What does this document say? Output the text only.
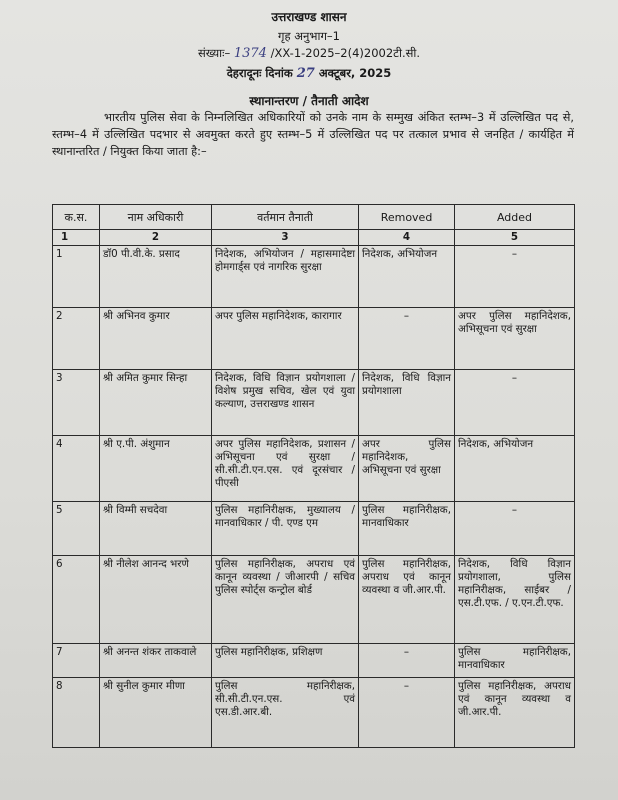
उत्तराखण्ड शासन
गृह अनुभाग–1
संख्याः– 1374 /XX-1-2025–2(4)2002टी.सी.
देहरादूनः दिनांक 27 अक्टूबर, 2025
स्थानान्तरण / तैनाती आदेश
भारतीय पुलिस सेवा के निम्नलिखित अधिकारियों को उनके नाम के सम्मुख अंकित स्तम्भ–3 में उल्लिखित पद से, स्तम्भ–4 में उल्लिखित पदभार से अवमुक्त करते हुए स्तम्भ–5 में उल्लिखित पद पर तत्काल प्रभाव से जनहित / कार्यहित में स्थानान्तरित / नियुक्त किया जाता है:–
क.स.	नाम अधिकारी	वर्तमान तैनाती	Removed	Added
1	2	3	4	5
1	डॉ0 पी.वी.के. प्रसाद	निदेशक, अभियोजन / महासमादेष्टा होमगार्ड्स एवं नागरिक सुरक्षा	निदेशक, अभियोजन	–
2	श्री अभिनव कुमार	अपर पुलिस महानिदेशक, कारागार	–	अपर पुलिस महानिदेशक, अभिसूचना एवं सुरक्षा
3	श्री अमित कुमार सिन्हा	निदेशक, विधि विज्ञान प्रयोगशाला / विशेष प्रमुख सचिव, खेल एवं युवा कल्याण, उत्तराखण्ड शासन	निदेशक, विधि विज्ञान प्रयोगशाला	–
4	श्री ए.पी. अंशुमान	अपर पुलिस महानिदेशक, प्रशासन / अभिसूचना एवं सुरक्षा / सी.सी.टी.एन.एस. एवं दूरसंचार / पीएसी	अपर पुलिस महानिदेशक, अभिसूचना एवं सुरक्षा	निदेशक, अभियोजन
5	श्री विम्मी सचदेवा	पुलिस महानिरीक्षक, मुख्यालय / मानवाधिकार / पी. एण्ड एम	पुलिस महानिरीक्षक, मानवाधिकार	–
6	श्री नीलेश आनन्द भरणे	पुलिस महानिरीक्षक, अपराध एवं कानून व्यवस्था / जीआरपी / सचिव पुलिस स्पोर्ट्स कन्ट्रोल बोर्ड	पुलिस महानिरीक्षक, अपराध एवं कानून व्यवस्था व जी.आर.पी.	निदेशक, विधि विज्ञान प्रयोगशाला, पुलिस महानिरीक्षक, साईबर / एस.टी.एफ. / ए.एन.टी.एफ.
7	श्री अनन्त शंकर ताकवाले	पुलिस महानिरीक्षक, प्रशिक्षण	–	पुलिस महानिरीक्षक, मानवाधिकार
8	श्री सुनील कुमार मीणा	पुलिस महानिरीक्षक, सी.सी.टी.एन.एस. एवं एस.डी.आर.बी.	–	पुलिस महानिरीक्षक, अपराध एवं कानून व्यवस्था व जी.आर.पी.
